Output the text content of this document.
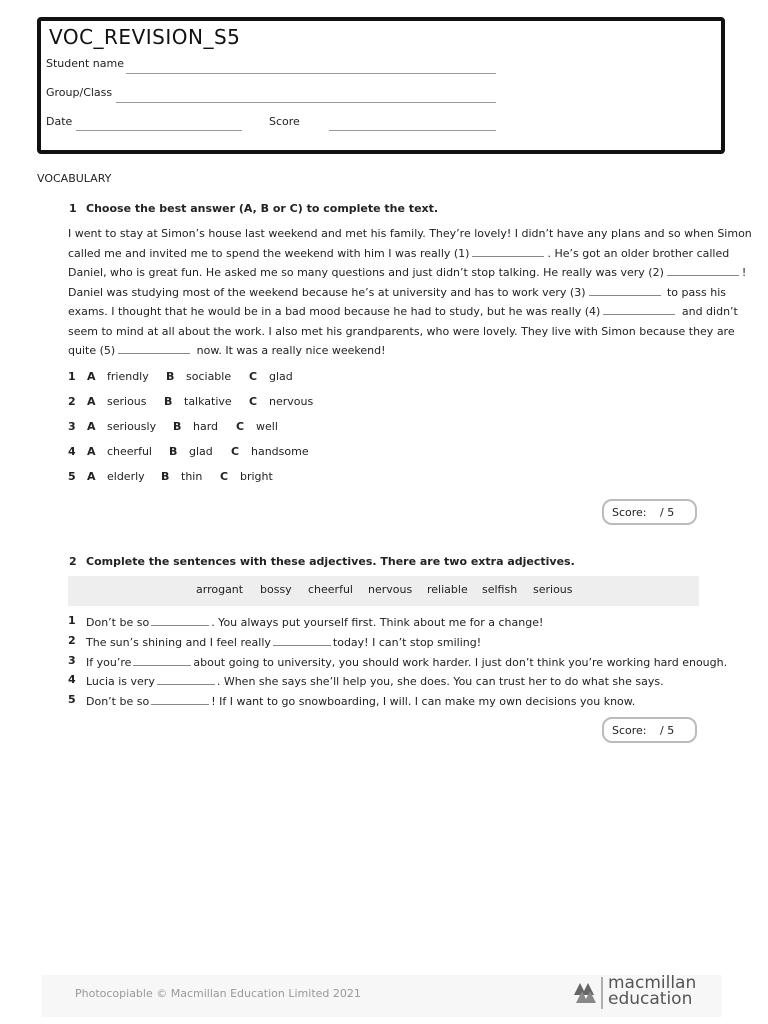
VOC_REVISION_S5
Student name
Group/Class
Date	Score
VOCABULARY
1 Choose the best answer (A, B or C) to complete the text.
I went to stay at Simon’s house last weekend and met his family. They’re lovely! I didn’t have any plans and so when Simon
called me and invited me to spend the weekend with him I was really (1)	. He’s got an older brother called
Daniel, who is great fun. He asked me so many questions and just didn’t stop talking. He really was very (2)	!
Daniel was studying most of the weekend because he’s at university and has to work very (3)	to pass his
exams. I thought that he would be in a bad mood because he had to study, but he was really (4)	and didn’t
seem to mind at all about the work. I also met his grandparents, who were lovely. They live with Simon because they are
quite (5)	now. It was a really nice weekend!
1 A friendly B sociable C glad
2 A serious B talkative C nervous
3 A seriously B hard C well
4 A cheerful B glad C handsome
5 A elderly B thin C bright
Score: / 5
2 Complete the sentences with these adjectives. There are two extra adjectives.
arrogant bossy cheerful nervous reliable selfish serious
1 Don’t be so	. You always put yourself first. Think about me for a change!
2 The sun’s shining and I feel really	today! I can’t stop smiling!
3 If you’re	about going to university, you should work harder. I just don’t think you’re working hard enough.
4 Lucia is very	. When she says she’ll help you, she does. You can trust her to do what she says.
5 Don’t be so	! If I want to go snowboarding, I will. I can make my own decisions you know.
Score: / 5
Photocopiable © Macmillan Education Limited 2021
macmillan
education
